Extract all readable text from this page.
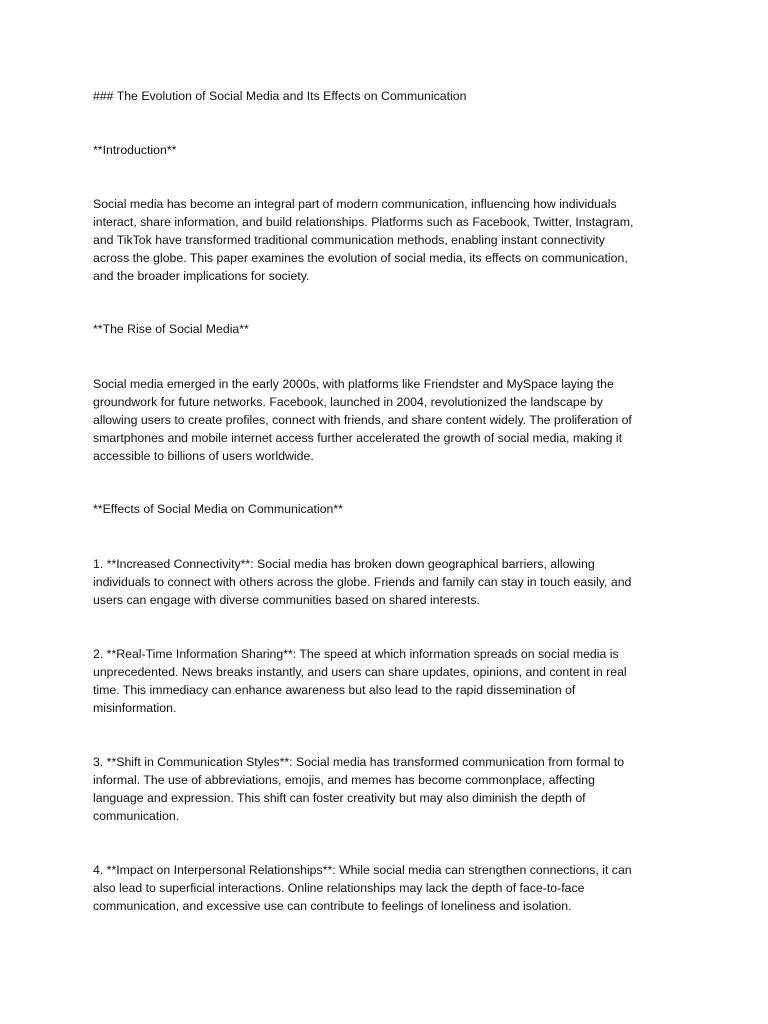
### The Evolution of Social Media and Its Effects on Communication

**Introduction**

Social media has become an integral part of modern communication, influencing how individuals

interact, share information, and build relationships. Platforms such as Facebook, Twitter, Instagram,

and TikTok have transformed traditional communication methods, enabling instant connectivity

across the globe. This paper examines the evolution of social media, its effects on communication,

and the broader implications for society.

**The Rise of Social Media**

Social media emerged in the early 2000s, with platforms like Friendster and MySpace laying the

groundwork for future networks. Facebook, launched in 2004, revolutionized the landscape by

allowing users to create profiles, connect with friends, and share content widely. The proliferation of

smartphones and mobile internet access further accelerated the growth of social media, making it

accessible to billions of users worldwide.

**Effects of Social Media on Communication**

1. **Increased Connectivity**: Social media has broken down geographical barriers, allowing

individuals to connect with others across the globe. Friends and family can stay in touch easily, and

users can engage with diverse communities based on shared interests.

2. **Real-Time Information Sharing**: The speed at which information spreads on social media is

unprecedented. News breaks instantly, and users can share updates, opinions, and content in real

time. This immediacy can enhance awareness but also lead to the rapid dissemination of

misinformation.

3. **Shift in Communication Styles**: Social media has transformed communication from formal to

informal. The use of abbreviations, emojis, and memes has become commonplace, affecting

language and expression. This shift can foster creativity but may also diminish the depth of

communication.

4. **Impact on Interpersonal Relationships**: While social media can strengthen connections, it can

also lead to superficial interactions. Online relationships may lack the depth of face-to-face

communication, and excessive use can contribute to feelings of loneliness and isolation.
